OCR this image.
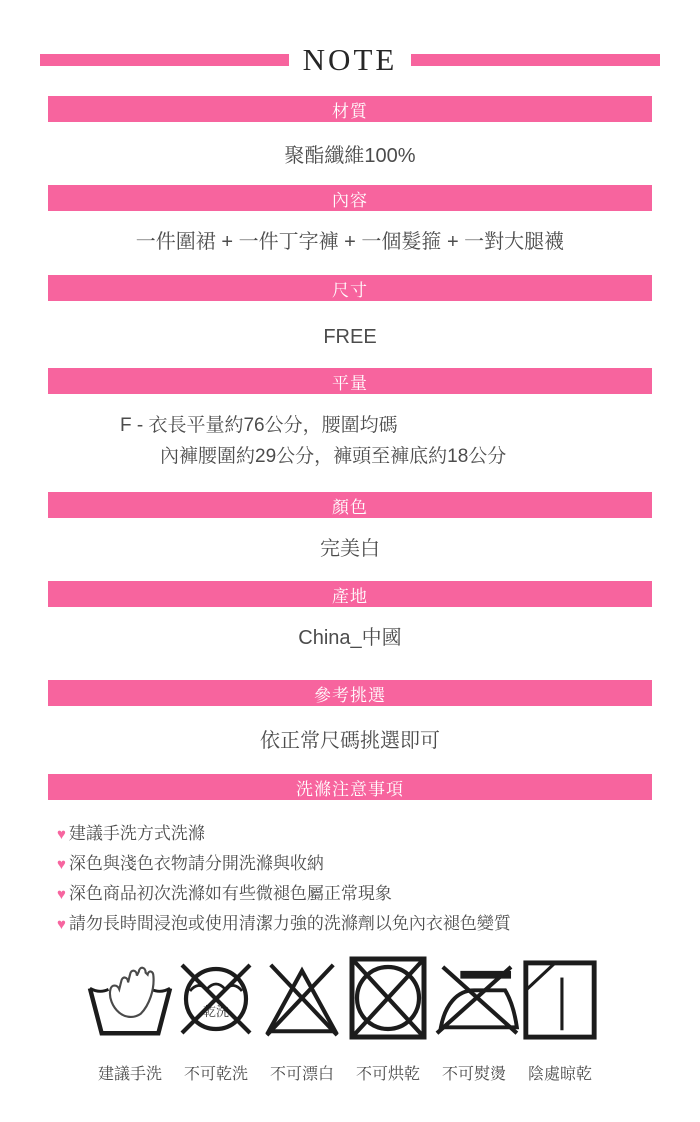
NOTE
材質
聚酯纖維100%
內容
一件圍裙 + 一件丁字褲 + 一個髮箍 + 一對大腿襪
尺寸
FREE
平量
F - 衣長平量約76公分，腰圍均碼
內褲腰圍約29公分，褲頭至褲底約18公分
顏色
完美白
產地
China_中國
參考挑選
依正常尺碼挑選即可
洗滌注意事項
♥ 建議手洗方式洗滌
♥ 深色與淺色衣物請分開洗滌與收納
♥ 深色商品初次洗滌如有些微褪色屬正常現象
♥ 請勿長時間浸泡或使用清潔力強的洗滌劑以免內衣褪色變質
乾洗
建議手洗 不可乾洗 不可漂白 不可烘乾 不可熨燙 陰處晾乾
